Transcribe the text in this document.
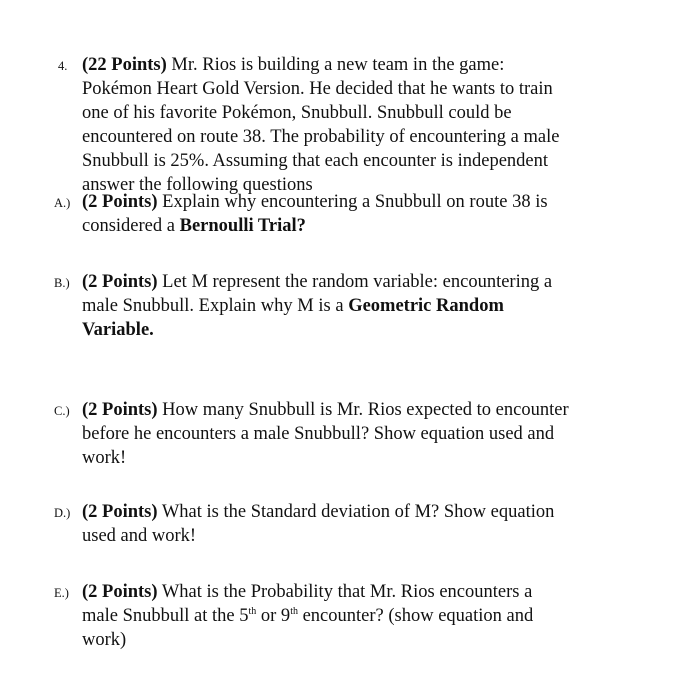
4. (22 Points) Mr. Rios is building a new team in the game:
Pokémon Heart Gold Version. He decided that he wants to train
one of his favorite Pokémon, Snubbull. Snubbull could be
encountered on route 38. The probability of encountering a male
Snubbull is 25%. Assuming that each encounter is independent
answer the following questions
A.) (2 Points) Explain why encountering a Snubbull on route 38 is
considered a Bernoulli Trial?
B.) (2 Points) Let M represent the random variable: encountering a
male Snubbull. Explain why M is a Geometric Random
Variable.
C.) (2 Points) How many Snubbull is Mr. Rios expected to encounter
before he encounters a male Snubbull? Show equation used and
work!
D.) (2 Points) What is the Standard deviation of M? Show equation
used and work!
E.) (2 Points) What is the Probability that Mr. Rios encounters a
male Snubbull at the 5th or 9th encounter? (show equation and
work)
